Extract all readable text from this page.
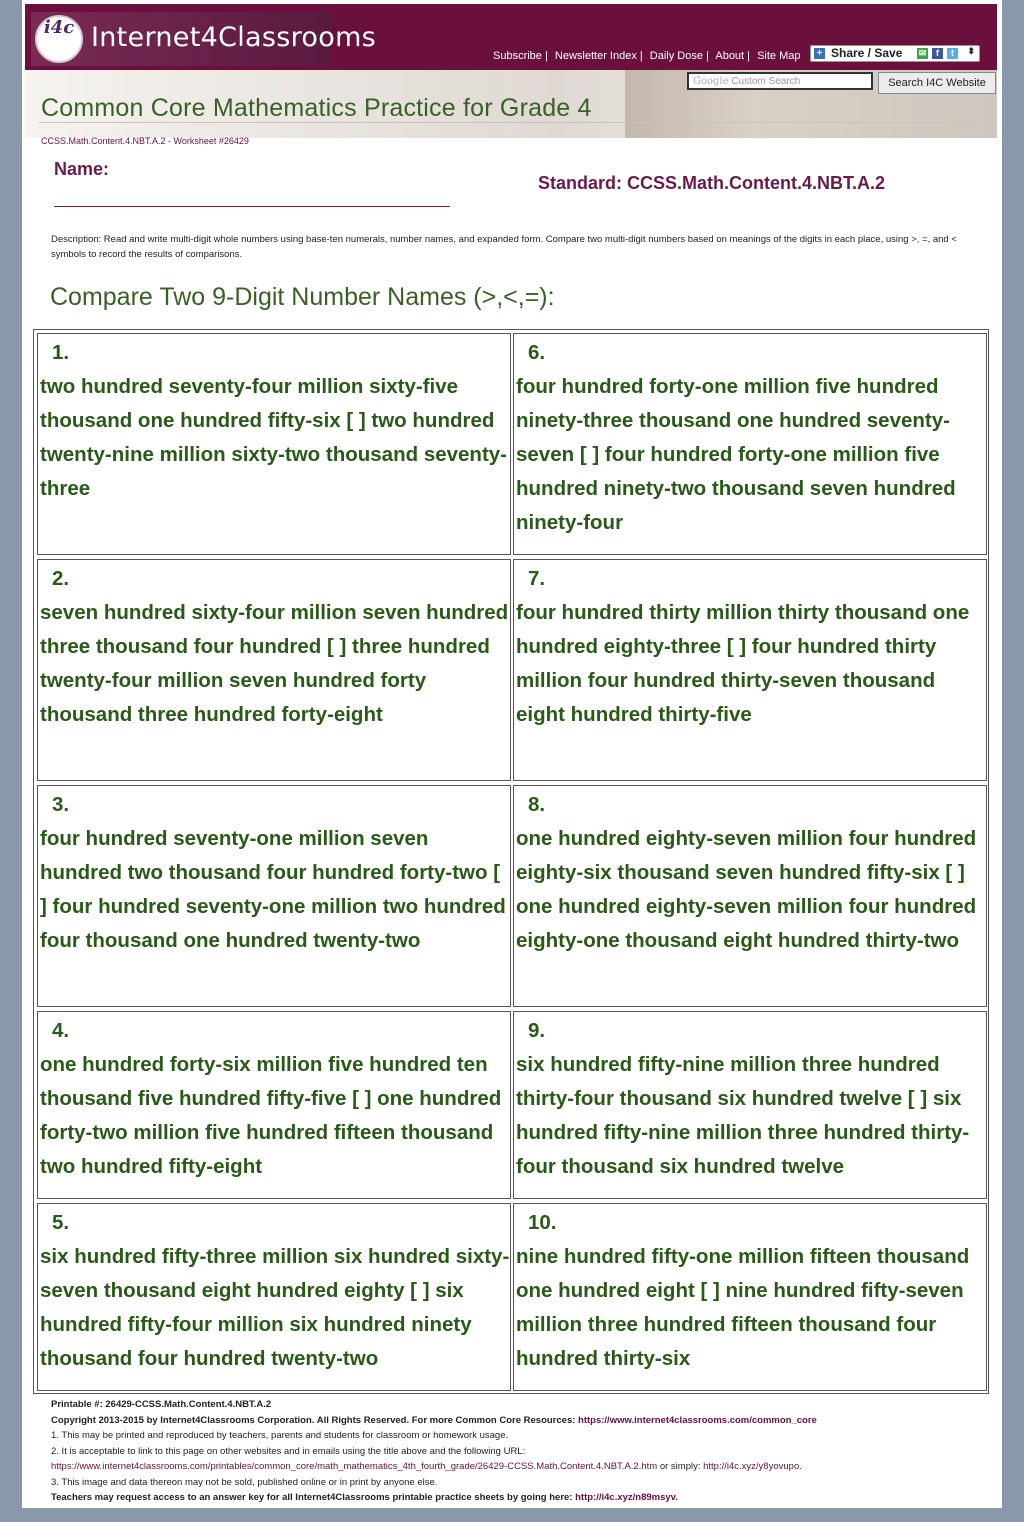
i4c Internet4Classrooms
Subscribe | Newsletter Index | Daily Dose | About | Site Map	+ Share / Save ✉	f	t	⬍
Google Custom Search	Search I4C Website
Common Core Mathematics Practice for Grade 4
CCSS.Math.Content.4.NBT.A.2 - Worksheet #26429
Name:
Standard: CCSS.Math.Content.4.NBT.A.2
Description: Read and write multi-digit whole numbers using base-ten numerals, number names, and expanded form. Compare two multi-digit numbers based on meanings of the digits in each place, using >, =, and < symbols to record the results of comparisons.
Compare Two 9-Digit Number Names (>,<,=):
1.
two hundred seventy-four million sixty-five thousand one hundred fifty-six [ ] two hundred twenty-nine million sixty-two thousand seventy-three
6.
four hundred forty-one million five hundred ninety-three thousand one hundred seventy-seven [ ] four hundred forty-one million five hundred ninety-two thousand seven hundred ninety-four
2.
seven hundred sixty-four million seven hundred three thousand four hundred [ ] three hundred twenty-four million seven hundred forty thousand three hundred forty-eight
7.
four hundred thirty million thirty thousand one hundred eighty-three [ ] four hundred thirty million four hundred thirty-seven thousand eight hundred thirty-five
3.
four hundred seventy-one million seven hundred two thousand four hundred forty-two [ ] four hundred seventy-one million two hundred four thousand one hundred twenty-two
8.
one hundred eighty-seven million four hundred eighty-six thousand seven hundred fifty-six [ ] one hundred eighty-seven million four hundred eighty-one thousand eight hundred thirty-two
4.
one hundred forty-six million five hundred ten thousand five hundred fifty-five [ ] one hundred forty-two million five hundred fifteen thousand two hundred fifty-eight
9.
six hundred fifty-nine million three hundred thirty-four thousand six hundred twelve [ ] six hundred fifty-nine million three hundred thirty-four thousand six hundred twelve
5.
six hundred fifty-three million six hundred sixty-seven thousand eight hundred eighty [ ] six hundred fifty-four million six hundred ninety thousand four hundred twenty-two
10.
nine hundred fifty-one million fifteen thousand one hundred eight [ ] nine hundred fifty-seven million three hundred fifteen thousand four hundred thirty-six
Printable #: 26429-CCSS.Math.Content.4.NBT.A.2
Copyright 2013-2015 by Internet4Classrooms Corporation. All Rights Reserved. For more Common Core Resources: https://www.internet4classrooms.com/common_core
1. This may be printed and reproduced by teachers, parents and students for classroom or homework usage.
2. It is acceptable to link to this page on other websites and in emails using the title above and the following URL:
https://www.internet4classrooms.com/printables/common_core/math_mathematics_4th_fourth_grade/26429-CCSS.Math.Content.4.NBT.A.2.htm or simply: http://i4c.xyz/y8yovupo.
3. This image and data thereon may not be sold, published online or in print by anyone else.
Teachers may request access to an answer key for all Internet4Classrooms printable practice sheets by going here: http://i4c.xyz/n89msyv.
